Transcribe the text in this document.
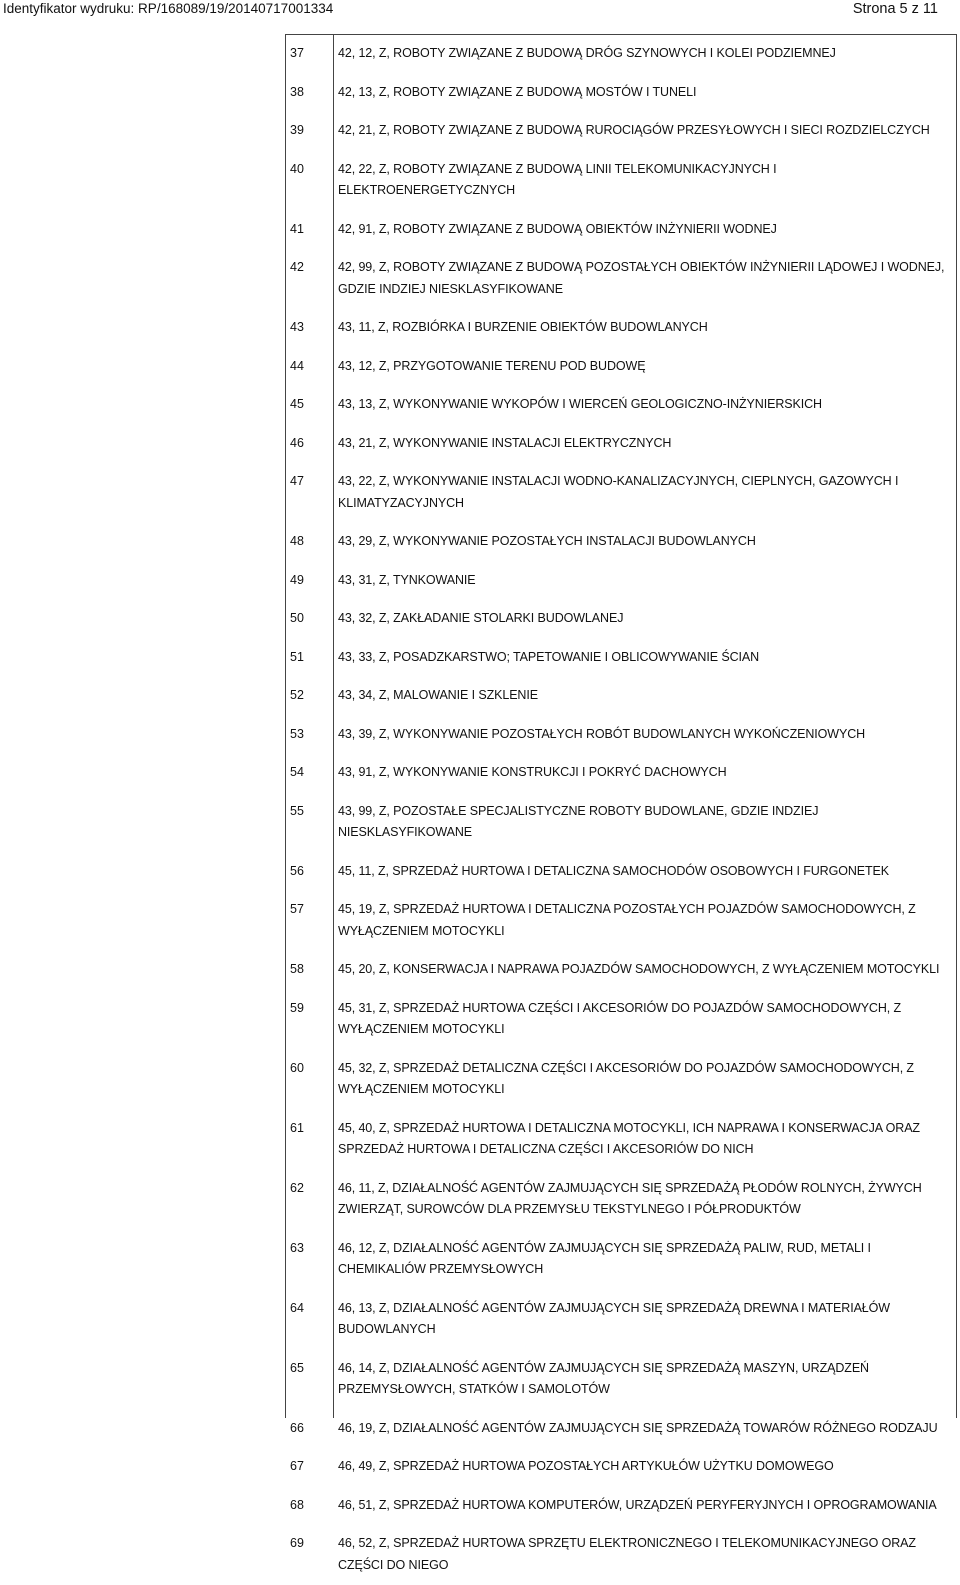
Identyfikator wydruku: RP/168089/19/20140717001334	Strona 5 z 11
37	42, 12, Z, ROBOTY ZWIĄZANE Z BUDOWĄ DRÓG SZYNOWYCH I KOLEI PODZIEMNEJ
38	42, 13, Z, ROBOTY ZWIĄZANE Z BUDOWĄ MOSTÓW I TUNELI
39	42, 21, Z, ROBOTY ZWIĄZANE Z BUDOWĄ RUROCIĄGÓW PRZESYŁOWYCH I SIECI ROZDZIELCZYCH
40	42, 22, Z, ROBOTY ZWIĄZANE Z BUDOWĄ LINII TELEKOMUNIKACYJNYCH I ELEKTROENERGETYCZNYCH
41	42, 91, Z, ROBOTY ZWIĄZANE Z BUDOWĄ OBIEKTÓW INŻYNIERII WODNEJ
42	42, 99, Z, ROBOTY ZWIĄZANE Z BUDOWĄ POZOSTAŁYCH OBIEKTÓW INŻYNIERII LĄDOWEJ I WODNEJ, GDZIE INDZIEJ NIESKLASYFIKOWANE
43	43, 11, Z, ROZBIÓRKA I BURZENIE OBIEKTÓW BUDOWLANYCH
44	43, 12, Z, PRZYGOTOWANIE TERENU POD BUDOWĘ
45	43, 13, Z, WYKONYWANIE WYKOPÓW I WIERCEŃ GEOLOGICZNO-INŻYNIERSKICH
46	43, 21, Z, WYKONYWANIE INSTALACJI ELEKTRYCZNYCH
47	43, 22, Z, WYKONYWANIE INSTALACJI WODNO-KANALIZACYJNYCH, CIEPLNYCH, GAZOWYCH I KLIMATYZACYJNYCH
48	43, 29, Z, WYKONYWANIE POZOSTAŁYCH INSTALACJI BUDOWLANYCH
49	43, 31, Z, TYNKOWANIE
50	43, 32, Z, ZAKŁADANIE STOLARKI BUDOWLANEJ
51	43, 33, Z, POSADZKARSTWO; TAPETOWANIE I OBLICOWYWANIE ŚCIAN
52	43, 34, Z, MALOWANIE I SZKLENIE
53	43, 39, Z, WYKONYWANIE POZOSTAŁYCH ROBÓT BUDOWLANYCH WYKOŃCZENIOWYCH
54	43, 91, Z, WYKONYWANIE KONSTRUKCJI I POKRYĆ DACHOWYCH
55	43, 99, Z, POZOSTAŁE SPECJALISTYCZNE ROBOTY BUDOWLANE, GDZIE INDZIEJ NIESKLASYFIKOWANE
56	45, 11, Z, SPRZEDAŻ HURTOWA I DETALICZNA SAMOCHODÓW OSOBOWYCH I FURGONETEK
57	45, 19, Z, SPRZEDAŻ HURTOWA I DETALICZNA POZOSTAŁYCH POJAZDÓW SAMOCHODOWYCH, Z WYŁĄCZENIEM MOTOCYKLI
58	45, 20, Z, KONSERWACJA I NAPRAWA POJAZDÓW SAMOCHODOWYCH, Z WYŁĄCZENIEM MOTOCYKLI
59	45, 31, Z, SPRZEDAŻ HURTOWA CZĘŚCI I AKCESORIÓW DO POJAZDÓW SAMOCHODOWYCH, Z WYŁĄCZENIEM MOTOCYKLI
60	45, 32, Z, SPRZEDAŻ DETALICZNA CZĘŚCI I AKCESORIÓW DO POJAZDÓW SAMOCHODOWYCH, Z WYŁĄCZENIEM MOTOCYKLI
61	45, 40, Z, SPRZEDAŻ HURTOWA I DETALICZNA MOTOCYKLI, ICH NAPRAWA I KONSERWACJA ORAZ SPRZEDAŻ HURTOWA I DETALICZNA CZĘŚCI I AKCESORIÓW DO NICH
62	46, 11, Z, DZIAŁALNOŚĆ AGENTÓW ZAJMUJĄCYCH SIĘ SPRZEDAŻĄ PŁODÓW ROLNYCH, ŻYWYCH ZWIERZĄT, SUROWCÓW DLA PRZEMYSŁU TEKSTYLNEGO I PÓŁPRODUKTÓW
63	46, 12, Z, DZIAŁALNOŚĆ AGENTÓW ZAJMUJĄCYCH SIĘ SPRZEDAŻĄ PALIW, RUD, METALI I CHEMIKALIÓW PRZEMYSŁOWYCH
64	46, 13, Z, DZIAŁALNOŚĆ AGENTÓW ZAJMUJĄCYCH SIĘ SPRZEDAŻĄ DREWNA I MATERIAŁÓW BUDOWLANYCH
65	46, 14, Z, DZIAŁALNOŚĆ AGENTÓW ZAJMUJĄCYCH SIĘ SPRZEDAŻĄ MASZYN, URZĄDZEŃ PRZEMYSŁOWYCH, STATKÓW I SAMOLOTÓW
66	46, 19, Z, DZIAŁALNOŚĆ AGENTÓW ZAJMUJĄCYCH SIĘ SPRZEDAŻĄ TOWARÓW RÓŻNEGO RODZAJU
67	46, 49, Z, SPRZEDAŻ HURTOWA POZOSTAŁYCH ARTYKUŁÓW UŻYTKU DOMOWEGO
68	46, 51, Z, SPRZEDAŻ HURTOWA KOMPUTERÓW, URZĄDZEŃ PERYFERYJNYCH I OPROGRAMOWANIA
69	46, 52, Z, SPRZEDAŻ HURTOWA SPRZĘTU ELEKTRONICZNEGO I TELEKOMUNIKACYJNEGO ORAZ CZĘŚCI DO NIEGO
